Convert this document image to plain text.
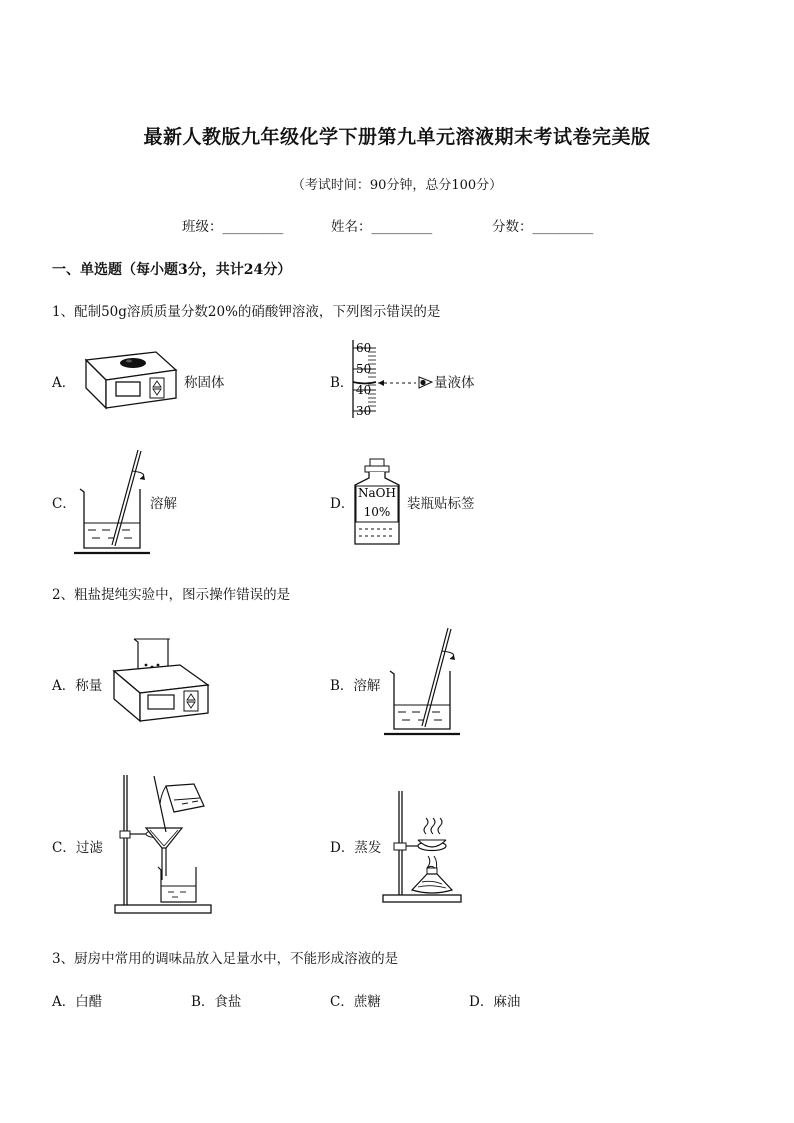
最新人教版九年级化学下册第九单元溶液期末考试卷完美版
（考试时间：90分钟，总分100分）
班级：_________	姓名：_________	分数：_________
一、单选题（每小题3分，共计24分）
1、配制50g溶质质量分数20%的硝酸钾溶液，下列图示错误的是
A．	称固体	B．
60
50
40
30
量液体
C．	溶解	D．
NaOH
10% 装瓶贴标签
2、粗盐提纯实验中，图示操作错误的是
A．称量	B．溶解
C．过滤	D．蒸发
3、厨房中常用的调味品放入足量水中，不能形成溶液的是
A．白醋	B．食盐	C．蔗糖	D．麻油
